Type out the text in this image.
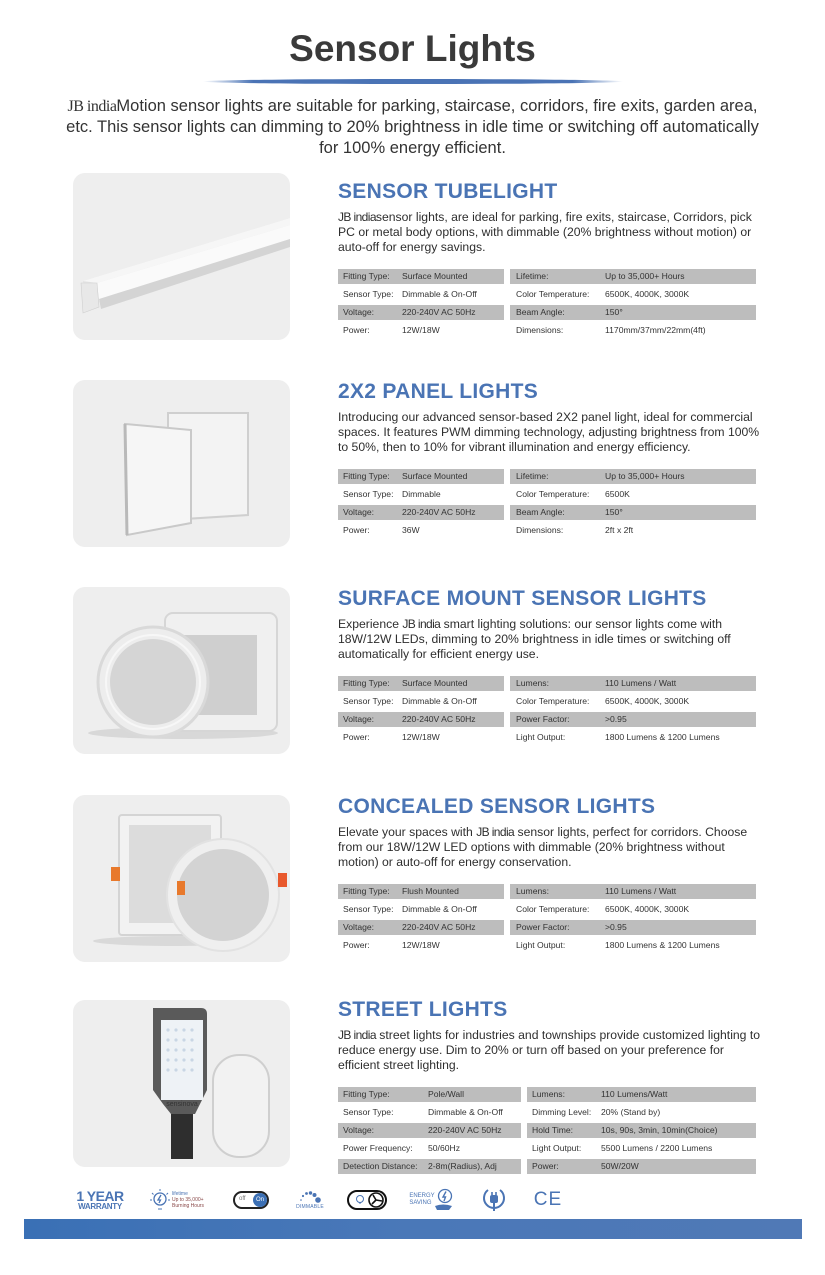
Sensor Lights
JB indiaMotion sensor lights are suitable for parking, staircase, corridors, fire exits, garden area, etc. This sensor lights can dimming to 20% brightness in idle time or switching off automatically for 100% energy efficient.
SENSOR TUBELIGHT
JB indiasensor lights, are ideal for parking, fire exits, staircase, Corridors, pick PC or metal body options, with dimmable (20% brightness without motion) or auto-off for energy savings.
Fitting Type: Surface Mounted	Lifetime:	Up to 35,000+ Hours
Sensor Type: Dimmable & On-Off	Color Temperature: 6500K, 4000K, 3000K
Voltage:	220-240V AC 50Hz	Beam Angle:	150°
Power:	12W/18W	Dimensions:	1170mm/37mm/22mm(4ft)
2X2 PANEL LIGHTS
Introducing our advanced sensor-based 2X2 panel light, ideal for commercial spaces. It features PWM dimming technology, adjusting brightness from 100% to 50%, then to 10% for vibrant illumination and energy efficiency.
Fitting Type: Surface Mounted	Lifetime:	Up to 35,000+ Hours
Sensor Type: Dimmable	Color Temperature: 6500K
Voltage:	220-240V AC 50Hz	Beam Angle:	150°
Power:	36W	Dimensions:	2ft x 2ft
SURFACE MOUNT SENSOR LIGHTS
Experience JB india smart lighting solutions: our sensor lights come with 18W/12W LEDs, dimming to 20% brightness in idle times or switching off automatically for efficient energy use.
Fitting Type: Surface Mounted	Lumens:	110 Lumens / Watt
Sensor Type: Dimmable & On-Off	Color Temperature: 6500K, 4000K, 3000K
Voltage:	220-240V AC 50Hz	Power Factor:	>0.95
Power:	12W/18W	Light Output:	1800 Lumens & 1200 Lumens
CONCEALED SENSOR LIGHTS
Elevate your spaces with JB india sensor lights, perfect for corridors. Choose from our 18W/12W LED options with dimmable (20% brightness without motion) or auto-off for energy conservation.
Fitting Type: Flush Mounted	Lumens:	110 Lumens / Watt
Sensor Type: Dimmable & On-Off	Color Temperature: 6500K, 4000K, 3000K
Voltage:	220-240V AC 50Hz	Power Factor:	>0.95
Power:	12W/18W	Light Output:	1800 Lumens & 1200 Lumens
sensinova
STREET LIGHTS
JB india street lights for industries and townships provide customized lighting to reduce energy use. Dim to 20% or turn off based on your preference for efficient street lighting.
Fitting Type:	Pole/Wall	Lumens:	110 Lumens/Watt
Sensor Type:	Dimmable & On-Off	Dimming Level: 20% (Stand by)
Voltage:	220-240V AC 50Hz	Hold Time:	10s, 90s, 3min, 10min(Choice)
Power Frequency: 50/60Hz	Light Output: 5500 Lumens / 2200 Lumens
Detection Distance: 2-8m(Radius), Adj	Power:	50W/20W
1 YEAR
WARRANTY
lifetime
Up to 35,000+
Burning Hours
off	On
DIMMABLE
ENERGY
SAVING	CE
